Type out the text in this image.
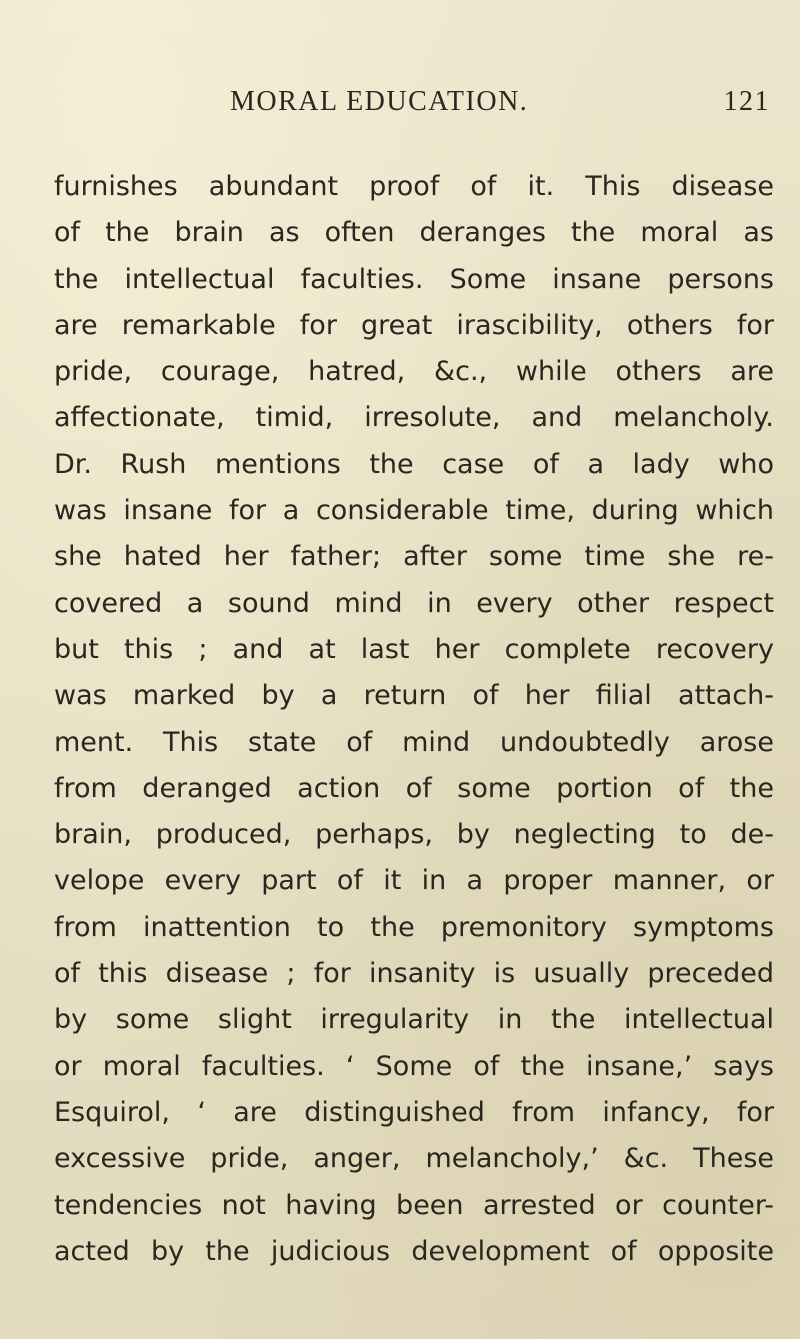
MORAL EDUCATION.	121
furnishes abundant proof of it. This disease
of the brain as often deranges the moral as
the intellectual faculties. Some insane persons
are remarkable for great irascibility, others for
pride, courage, hatred, &c., while others are
affectionate, timid, irresolute, and melancholy.
Dr. Rush mentions the case of a lady who
was insane for a considerable time, during which
she hated her father; after some time she re-
covered a sound mind in every other respect
but this ; and at last her complete recovery
was marked by a return of her filial attach-
ment. This state of mind undoubtedly arose
from deranged action of some portion of the
brain, produced, perhaps, by neglecting to de-
velope every part of it in a proper manner, or
from inattention to the premonitory symptoms
of this disease ; for insanity is usually preceded
by some slight irregularity in the intellectual
or moral faculties. ‘ Some of the insane,’ says
Esquirol, ‘ are distinguished from infancy, for
excessive pride, anger, melancholy,’ &c. These
tendencies not having been arrested or counter-
acted by the judicious development of opposite
